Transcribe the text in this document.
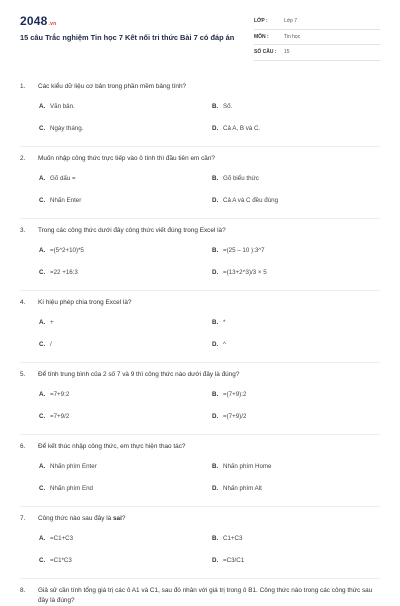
2048.vn
15 câu Trắc nghiệm Tin học 7 Kết nối tri thức Bài 7 có đáp án
LỚP :	Lớp 7
MÔN :	Tin học
SỐ CÂU : 15
1.	Các kiểu dữ liệu cơ bản trong phần mềm bảng tính?
A. Văn bản.	B. Số.
C. Ngày tháng.	D. Cả A, B và C.
2.	Muốn nhập công thức trực tiếp vào ô tính thì đầu tiên em cần?
A. Gõ dấu =	B. Gõ biểu thức
C. Nhấn Enter	D. Cả A và C đều đúng
3.	Trong các công thức dưới đây công thức viết đúng trong Excel là?
A. =(5^2+10)*5	B. =(25 – 10 ):3^7
C. =22 +16:3	D. =(13+2^3)/3 × 5
4.	Kí hiệu phép chia trong Excel là?
A. +	B. *
C. /	D. ^
5.	Để tính trung bình của 2 số 7 và 9 thì công thức nào dưới đây là đúng?
A. =7+9:2	B. =(7+9):2
C. =7+9/2	D. =(7+9)/2
6.	Để kết thúc nhập công thức, em thực hiện thao tác?
A. Nhấn phím Enter	B. Nhấn phím Home
C. Nhấn phím End	D. Nhấn phím Alt
7.	Công thức nào sau đây là sai?
A. =C1+C3	B. C1+C3
C. =C1*C3	D. =C3/C1
8.	Giả sử cần tính tổng giá trị các ô A1 và C1, sau đó nhân với giá trị trong ô B1. Công thức nào trong các công thức sau đây là đúng?
